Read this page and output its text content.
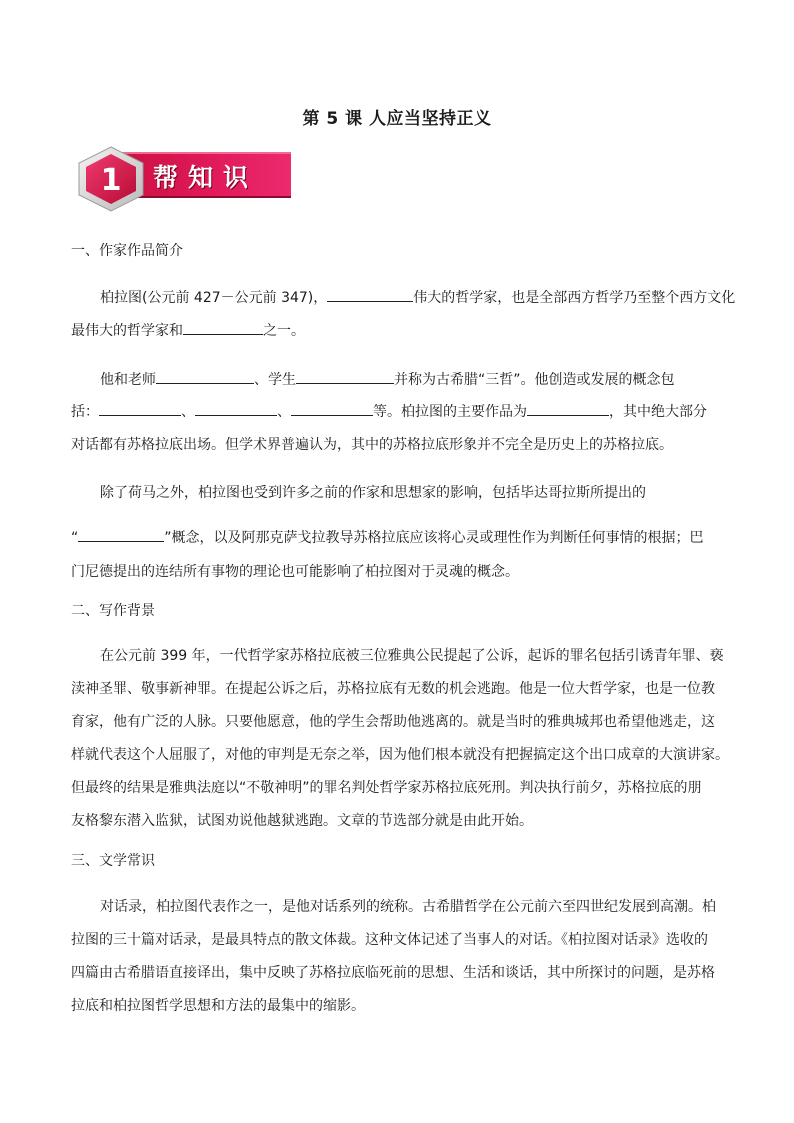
第 5 课 人应当坚持正义
1 帮知识
一、作家作品简介
柏拉图(公元前 427－公元前 347)，	伟大的哲学家，也是全部西方哲学乃至整个西方文化
最伟大的哲学家和	之一。
他和老师	、学生	并称为古希腊“三哲”。他创造或发展的概念包
括：	、	、	等。柏拉图的主要作品为	，其中绝大部分
对话都有苏格拉底出场。但学术界普遍认为，其中的苏格拉底形象并不完全是历史上的苏格拉底。
除了荷马之外，柏拉图也受到许多之前的作家和思想家的影响，包括毕达哥拉斯所提出的
“	”概念，以及阿那克萨戈拉教导苏格拉底应该将心灵或理性作为判断任何事情的根据；巴
门尼德提出的连结所有事物的理论也可能影响了柏拉图对于灵魂的概念。
二、写作背景
在公元前 399 年，一代哲学家苏格拉底被三位雅典公民提起了公诉，起诉的罪名包括引诱青年罪、亵
渎神圣罪、敬事新神罪。在提起公诉之后，苏格拉底有无数的机会逃跑。他是一位大哲学家，也是一位教
育家，他有广泛的人脉。只要他愿意，他的学生会帮助他逃离的。就是当时的雅典城邦也希望他逃走，这
样就代表这个人屈服了，对他的审判是无奈之举，因为他们根本就没有把握搞定这个出口成章的大演讲家。
但最终的结果是雅典法庭以“不敬神明”的罪名判处哲学家苏格拉底死刑。判决执行前夕，苏格拉底的朋
友格黎东潜入监狱，试图劝说他越狱逃跑。文章的节选部分就是由此开始。
三、文学常识
对话录，柏拉图代表作之一，是他对话系列的统称。古希腊哲学在公元前六至四世纪发展到高潮。柏
拉图的三十篇对话录，是最具特点的散文体裁。这种文体记述了当事人的对话。《柏拉图对话录》选收的
四篇由古希腊语直接译出，集中反映了苏格拉底临死前的思想、生活和谈话，其中所探讨的问题，是苏格
拉底和柏拉图哲学思想和方法的最集中的缩影。
